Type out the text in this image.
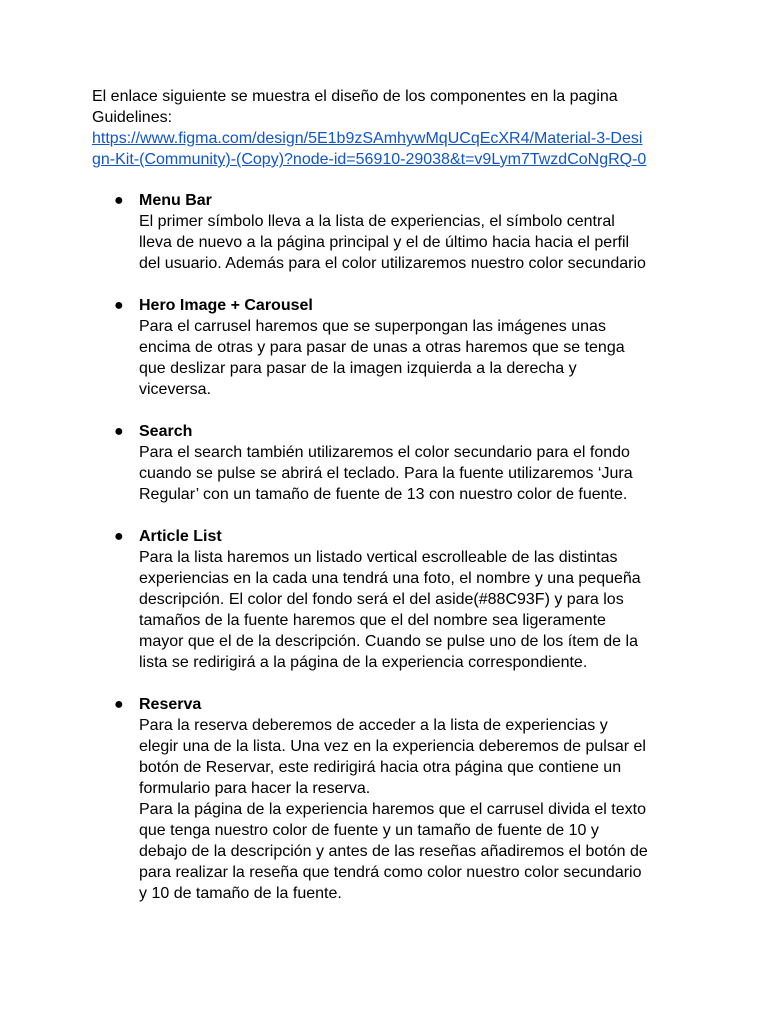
El enlace siguiente se muestra el diseño de los componentes en la pagina
Guidelines:
https://www.figma.com/design/5E1b9zSAmhywMqUCqEcXR4/Material-3-Desi
gn-Kit-(Community)-(Copy)?node-id=56910-29038&t=v9Lym7TwzdCoNgRQ-0
● Menu Bar
El primer símbolo lleva a la lista de experiencias, el símbolo central
lleva de nuevo a la página principal y el de último hacia hacia el perfil
del usuario. Además para el color utilizaremos nuestro color secundario
● Hero Image + Carousel
Para el carrusel haremos que se superpongan las imágenes unas
encima de otras y para pasar de unas a otras haremos que se tenga
que deslizar para pasar de la imagen izquierda a la derecha y
viceversa.
● Search
Para el search también utilizaremos el color secundario para el fondo
cuando se pulse se abrirá el teclado. Para la fuente utilizaremos ‘Jura
Regular’ con un tamaño de fuente de 13 con nuestro color de fuente.
● Article List
Para la lista haremos un listado vertical escrolleable de las distintas
experiencias en la cada una tendrá una foto, el nombre y una pequeña
descripción. El color del fondo será el del aside(#88C93F) y para los
tamaños de la fuente haremos que el del nombre sea ligeramente
mayor que el de la descripción. Cuando se pulse uno de los ítem de la
lista se redirigirá a la página de la experiencia correspondiente.
● Reserva
Para la reserva deberemos de acceder a la lista de experiencias y
elegir una de la lista. Una vez en la experiencia deberemos de pulsar el
botón de Reservar, este redirigirá hacia otra página que contiene un
formulario para hacer la reserva.
Para la página de la experiencia haremos que el carrusel divida el texto
que tenga nuestro color de fuente y un tamaño de fuente de 10 y
debajo de la descripción y antes de las reseñas añadiremos el botón de
para realizar la reseña que tendrá como color nuestro color secundario
y 10 de tamaño de la fuente.
